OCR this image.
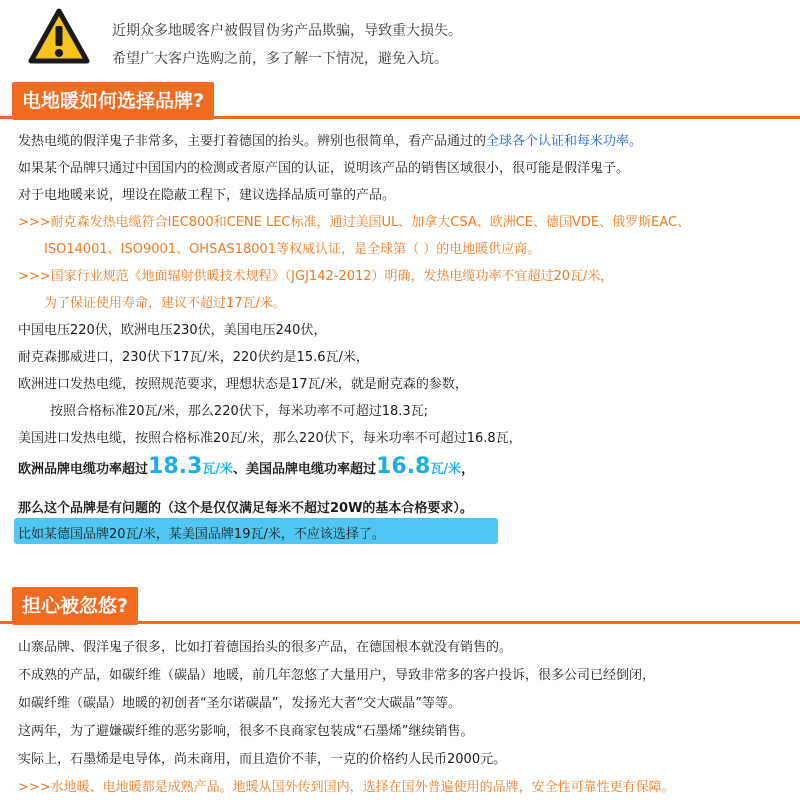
近期众多地暖客户被假冒伪劣产品欺骗，导致重大损失。
希望广大客户选购之前，多了解一下情况，避免入坑。
电地暖如何选择品牌?
发热电缆的假洋鬼子非常多，主要打着德国的抬头。辨别也很简单，看产品通过的全球各个认证和每米功率。
如果某个品牌只通过中国国内的检测或者原产国的认证，说明该产品的销售区域很小，很可能是假洋鬼子。
对于电地暖来说，埋设在隐蔽工程下，建议选择品质可靠的产品。
>>>耐克森发热电缆符合IEC800和CENE LEC标准，通过美国UL、加拿大CSA、欧洲CE、德国VDE、俄罗斯EAC、
ISO14001、ISO9001、OHSAS18001等权威认证，是全球第（ ）的电地暖供应商。
>>>国家行业规范《地面辐射供暖技术规程》（JGJ142-2012）明确，发热电缆功率不宜超过20瓦/米，
为了保证使用寿命，建议不超过17瓦/米。
中国电压220伏，欧洲电压230伏，美国电压240伏，
耐克森挪威进口，230伏下17瓦/米，220伏约是15.6瓦/米，
欧洲进口发热电缆，按照规范要求，理想状态是17瓦/米，就是耐克森的参数，
按照合格标准20瓦/米，那么220伏下，每米功率不可超过18.3瓦;
美国进口发热电缆，按照合格标准20瓦/米，那么220伏下，每米功率不可超过16.8瓦，
欧洲品牌电缆功率超过18.3瓦/米、美国品牌电缆功率超过16.8瓦/米，
那么这个品牌是有问题的（这个是仅仅满足每米不超过20W的基本合格要求）。
比如某德国品牌20瓦/米，某美国品牌19瓦/米，不应该选择了。
担心被忽悠?
山寨品牌、假洋鬼子很多，比如打着德国抬头的很多产品，在德国根本就没有销售的。
不成熟的产品，如碳纤维（碳晶）地暖，前几年忽悠了大量用户，导致非常多的客户投诉，很多公司已经倒闭，
如碳纤维（碳晶）地暖的初创者“圣尔诺碳晶”，发扬光大者“交大碳晶”等等。
这两年，为了避嫌碳纤维的恶劣影响，很多不良商家包装成“石墨烯”继续销售。
实际上，石墨烯是电导体，尚未商用，而且造价不菲，一克的价格约人民币2000元。
>>>水地暖、电地暖都是成熟产品。地暖从国外传到国内，选择在国外普遍使用的品牌，安全性可靠性更有保障。
